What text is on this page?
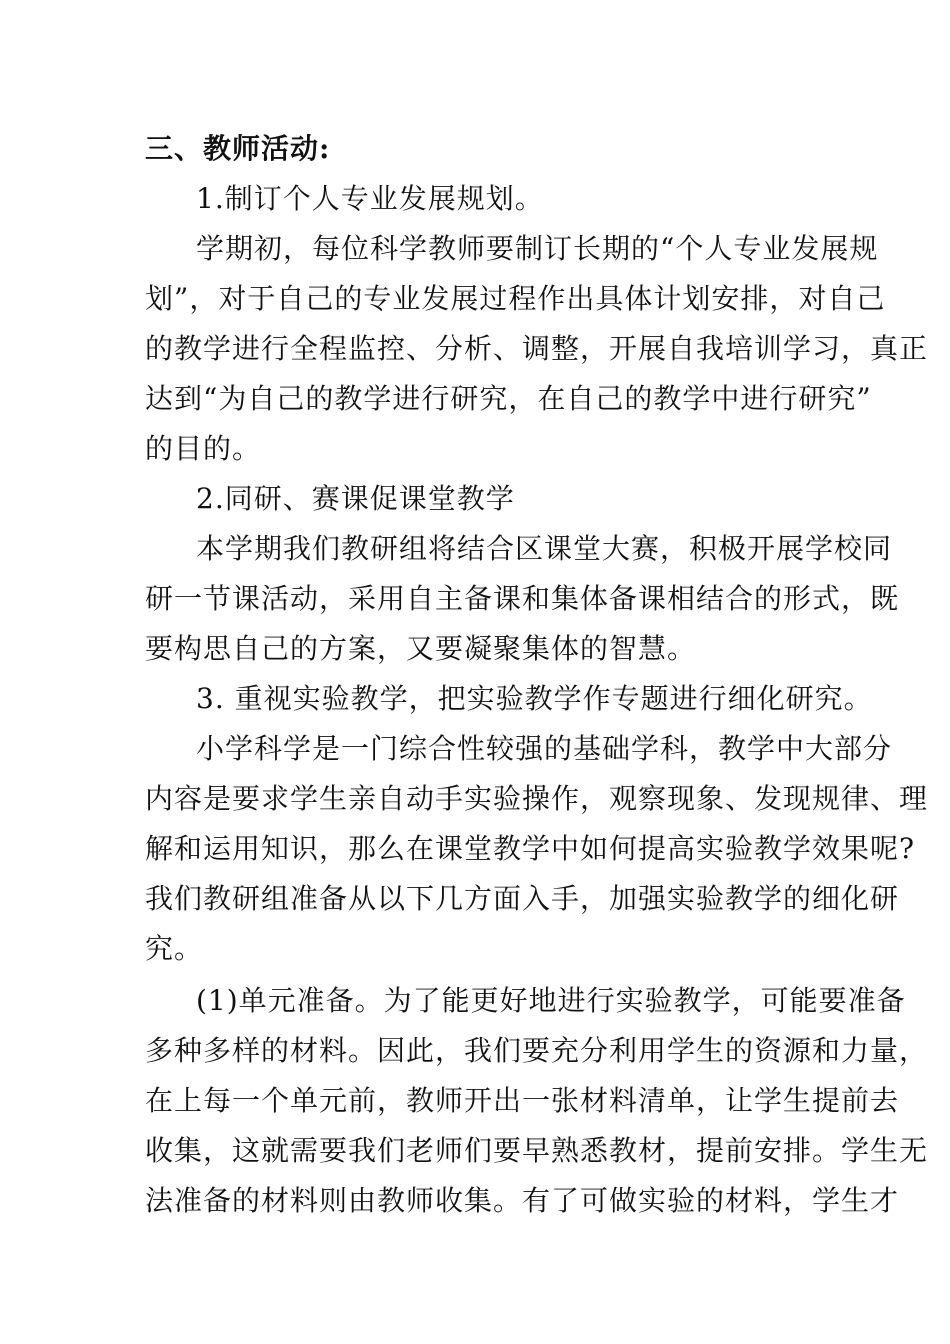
三、教师活动:
1.制订个人专业发展规划。
学期初，每位科学教师要制订长期的“个人专业发展规
划”，对于自己的专业发展过程作出具体计划安排，对自己
的教学进行全程监控、分析、调整，开展自我培训学习，真正
达到“为自己的教学进行研究，在自己的教学中进行研究”
的目的。
2.同研、赛课促课堂教学
本学期我们教研组将结合区课堂大赛，积极开展学校同
研一节课活动，采用自主备课和集体备课相结合的形式，既
要构思自己的方案，又要凝聚集体的智慧。
3. 重视实验教学，把实验教学作专题进行细化研究。
小学科学是一门综合性较强的基础学科，教学中大部分
内容是要求学生亲自动手实验操作，观察现象、发现规律、理
解和运用知识，那么在课堂教学中如何提高实验教学效果呢?
我们教研组准备从以下几方面入手，加强实验教学的细化研
究。
(1)单元准备。为了能更好地进行实验教学，可能要准备
多种多样的材料。因此，我们要充分利用学生的资源和力量，
在上每一个单元前，教师开出一张材料清单，让学生提前去
收集，这就需要我们老师们要早熟悉教材，提前安排。学生无
法准备的材料则由教师收集。有了可做实验的材料，学生才
